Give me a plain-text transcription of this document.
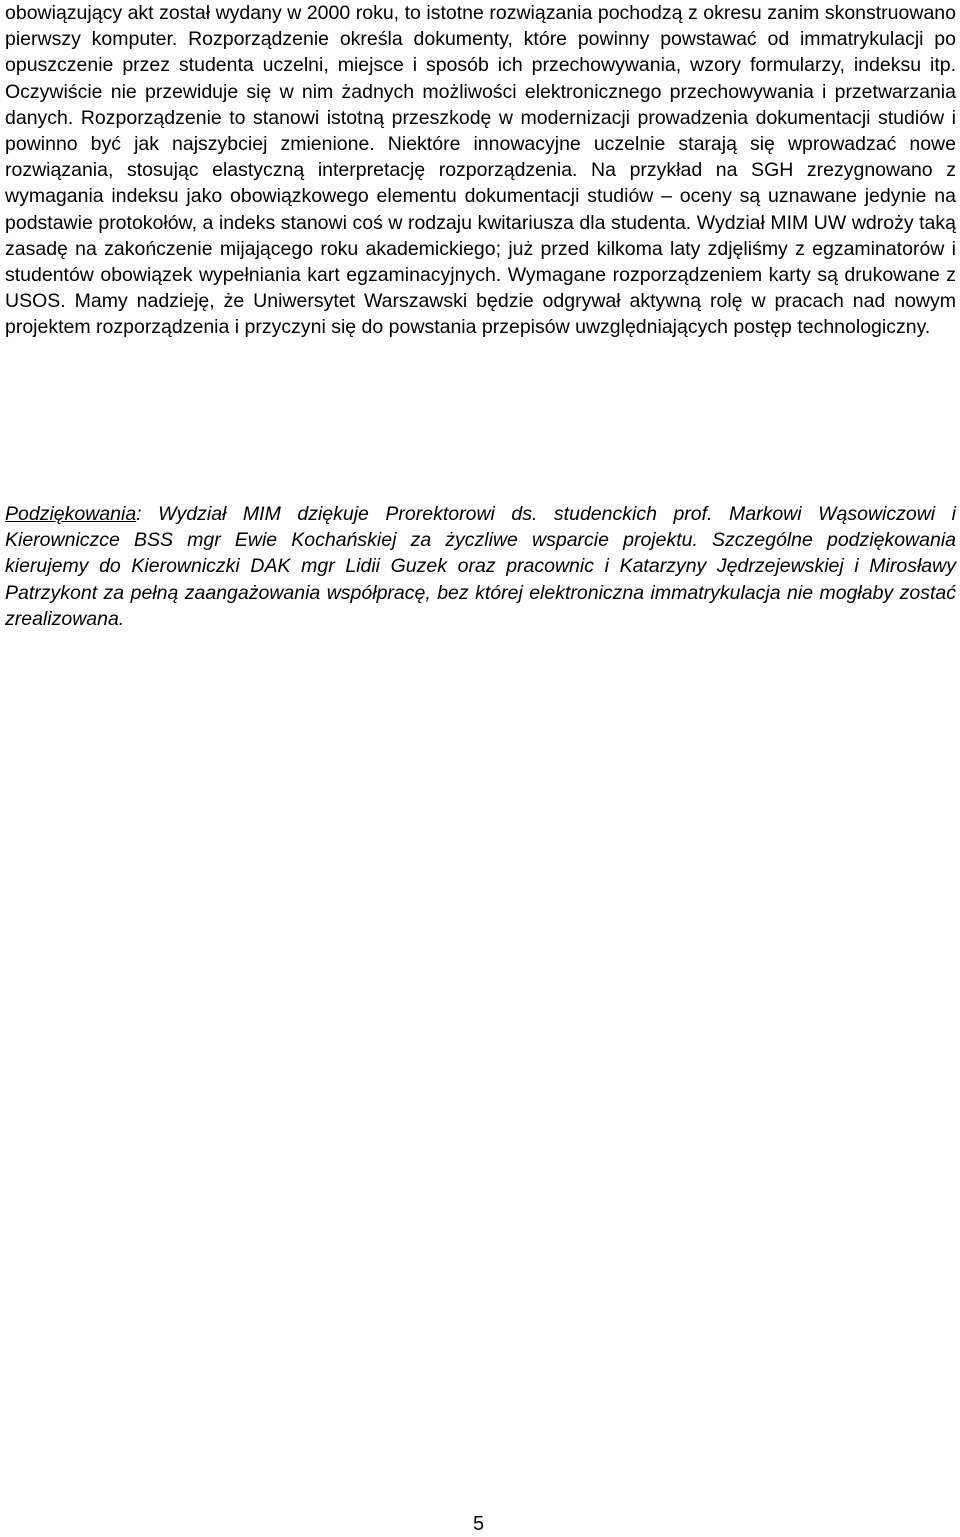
obowiązujący akt został wydany w 2000 roku, to istotne rozwiązania pochodzą z okresu zanim skonstruowano pierwszy komputer. Rozporządzenie określa dokumenty, które powinny powstawać od immatrykulacji po opuszczenie przez studenta uczelni, miejsce i sposób ich przechowywania, wzory formularzy, indeksu itp. Oczywiście nie przewiduje się w nim żadnych możliwości elektronicznego przechowywania i przetwarzania danych. Rozporządzenie to stanowi istotną przeszkodę w modernizacji prowadzenia dokumentacji studiów i powinno być jak najszybciej zmienione. Niektóre innowacyjne uczelnie starają się wprowadzać nowe rozwiązania, stosując elastyczną interpretację rozporządzenia. Na przykład na SGH zrezygnowano z wymagania indeksu jako obowiązkowego elementu dokumentacji studiów – oceny są uznawane jedynie na podstawie protokołów, a indeks stanowi coś w rodzaju kwitariusza dla studenta. Wydział MIM UW wdroży taką zasadę na zakończenie mijającego roku akademickiego; już przed kilkoma laty zdjęliśmy z egzaminatorów i studentów obowiązek wypełniania kart egzaminacyjnych. Wymagane rozporządzeniem karty są drukowane z USOS. Mamy nadzieję, że Uniwersytet Warszawski będzie odgrywał aktywną rolę w pracach nad nowym projektem rozporządzenia i przyczyni się do powstania przepisów uwzględniających postęp technologiczny.

Podziękowania: Wydział MIM dziękuje Prorektorowi ds. studenckich prof. Markowi Wąsowiczowi i Kierowniczce BSS mgr Ewie Kochańskiej za życzliwe wsparcie projektu. Szczególne podziękowania kierujemy do Kierowniczki DAK mgr Lidii Guzek oraz pracownic i Katarzyny Jędrzejewskiej i Mirosławy Patrzykont za pełną zaangażowania współpracę, bez której elektroniczna immatrykulacja nie mogłaby zostać zrealizowana.

5
